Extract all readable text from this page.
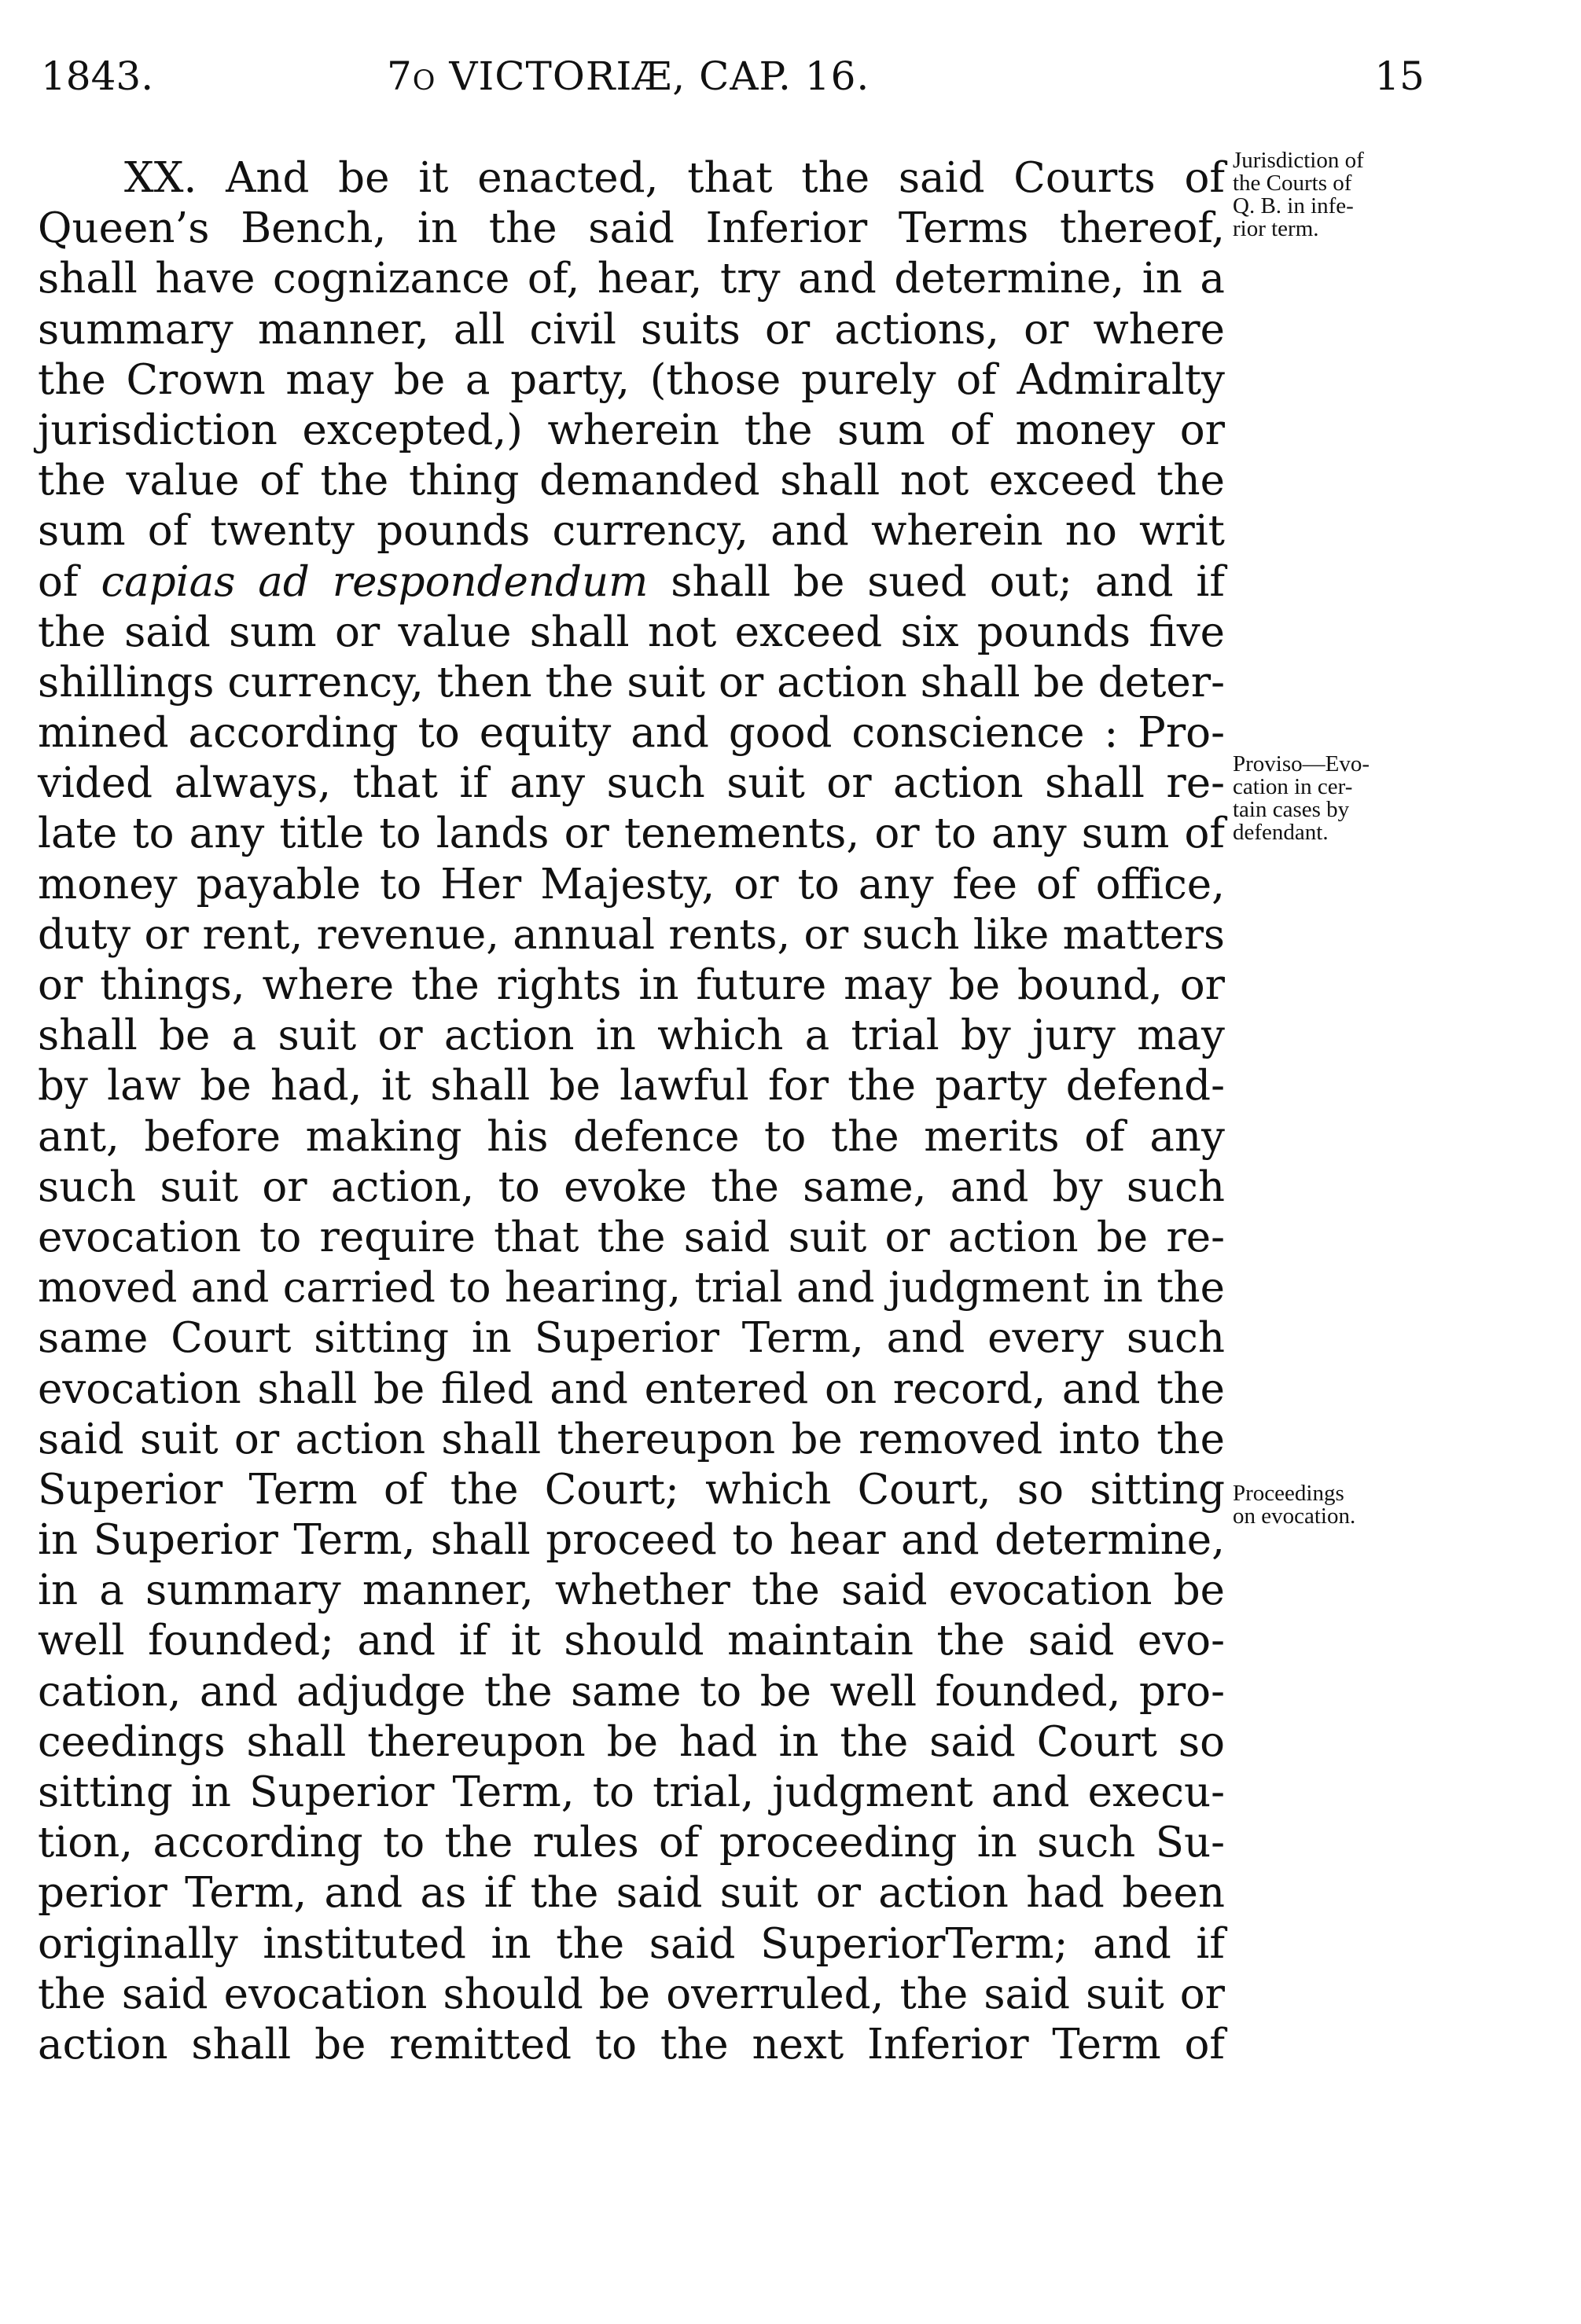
1843.	7o VICTORIÆ, CAP. 16.	15
XX. And be it enacted, that the said Courts of
Queen’s Bench, in the said Inferior Terms thereof,
shall have cognizance of, hear, try and determine, in a
summary manner, all civil suits or actions, or where
the Crown may be a party, (those purely of Admiralty
jurisdiction excepted,) wherein the sum of money or
the value of the thing demanded shall not exceed the
sum of twenty pounds currency, and wherein no writ
of capias ad respondendum shall be sued out; and if
the said sum or value shall not exceed six pounds five
shillings currency, then the suit or action shall be deter-
mined according to equity and good conscience : Pro-
vided always, that if any such suit or action shall re-
late to any title to lands or tenements, or to any sum of
money payable to Her Majesty, or to any fee of office,
duty or rent, revenue, annual rents, or such like matters
or things, where the rights in future may be bound, or
shall be a suit or action in which a trial by jury may
by law be had, it shall be lawful for the party defend-
ant, before making his defence to the merits of any
such suit or action, to evoke the same, and by such
evocation to require that the said suit or action be re-
moved and carried to hearing, trial and judgment in the
same Court sitting in Superior Term, and every such
evocation shall be filed and entered on record, and the
said suit or action shall thereupon be removed into the
Superior Term of the Court; which Court, so sitting
in Superior Term, shall proceed to hear and determine,
in a summary manner, whether the said evocation be
well founded; and if it should maintain the said evo-
cation, and adjudge the same to be well founded, pro-
ceedings shall thereupon be had in the said Court so
sitting in Superior Term, to trial, judgment and execu-
tion, according to the rules of proceeding in such Su-
perior Term, and as if the said suit or action had been
originally instituted in the said SuperiorTerm; and if
the said evocation should be overruled, the said suit or
action shall be remitted to the next Inferior Term of
Jurisdiction of
the Courts of
Q. B. in infe-
rior term.
Proviso—Evo-
cation in cer-
tain cases by
defendant.
Proceedings
on evocation.
